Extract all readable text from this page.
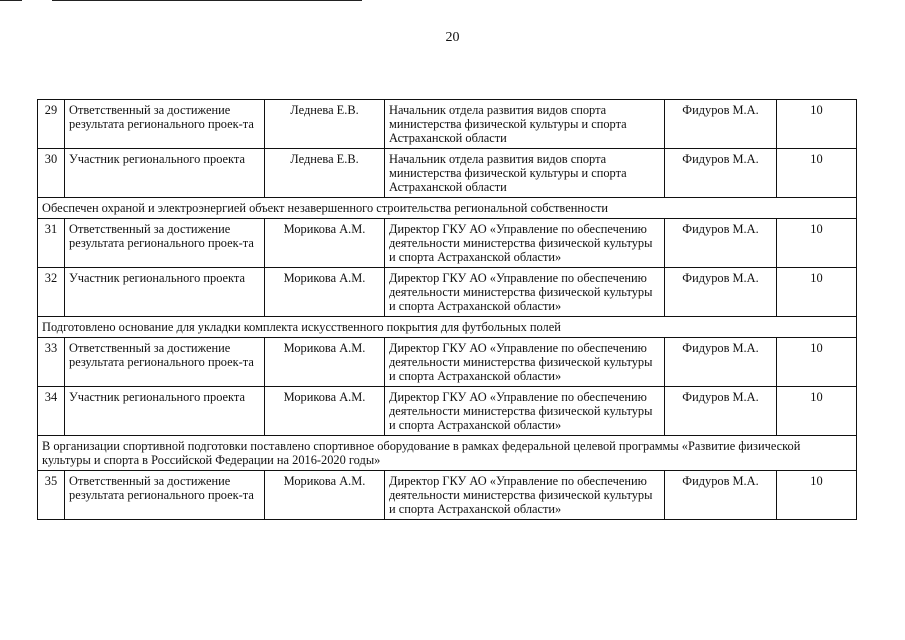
20
29	Ответственный за достижение результата регионального проек-та	Леднева Е.В.	Начальник отдела развития видов спорта министерства физической культуры и спорта Астраханской области	Фидуров М.А.	10
30	Участник регионального проекта	Леднева Е.В.	Начальник отдела развития видов спорта министерства физической культуры и спорта Астраханской области	Фидуров М.А.	10
Обеспечен охраной и электроэнергией объект незавершенного строительства региональной собственности					
31	Ответственный за достижение результата регионального проек-та	Морикова А.М.	Директор ГКУ АО «Управление по обеспечению деятельности министерства физической культуры и спорта Астраханской области»	Фидуров М.А.	10
32	Участник регионального проекта	Морикова А.М.	Директор ГКУ АО «Управление по обеспечению деятельности министерства физической культуры и спорта Астраханской области»	Фидуров М.А.	10
Подготовлено основание для укладки комплекта искусственного покрытия для футбольных полей					
33	Ответственный за достижение результата регионального проек-та	Морикова А.М.	Директор ГКУ АО «Управление по обеспечению деятельности министерства физической культуры и спорта Астраханской области»	Фидуров М.А.	10
34	Участник регионального проекта	Морикова А.М.	Директор ГКУ АО «Управление по обеспечению деятельности министерства физической культуры и спорта Астраханской области»	Фидуров М.А.	10
В организации спортивной подготовки поставлено спортивное оборудование в рамках федеральной целевой программы «Развитие физической культуры и спорта в Российской Федерации на 2016-2020 годы»					
35	Ответственный за достижение результата регионального проек-та	Морикова А.М.	Директор ГКУ АО «Управление по обеспечению деятельности министерства физической культуры и спорта Астраханской области»	Фидуров М.А.	10
